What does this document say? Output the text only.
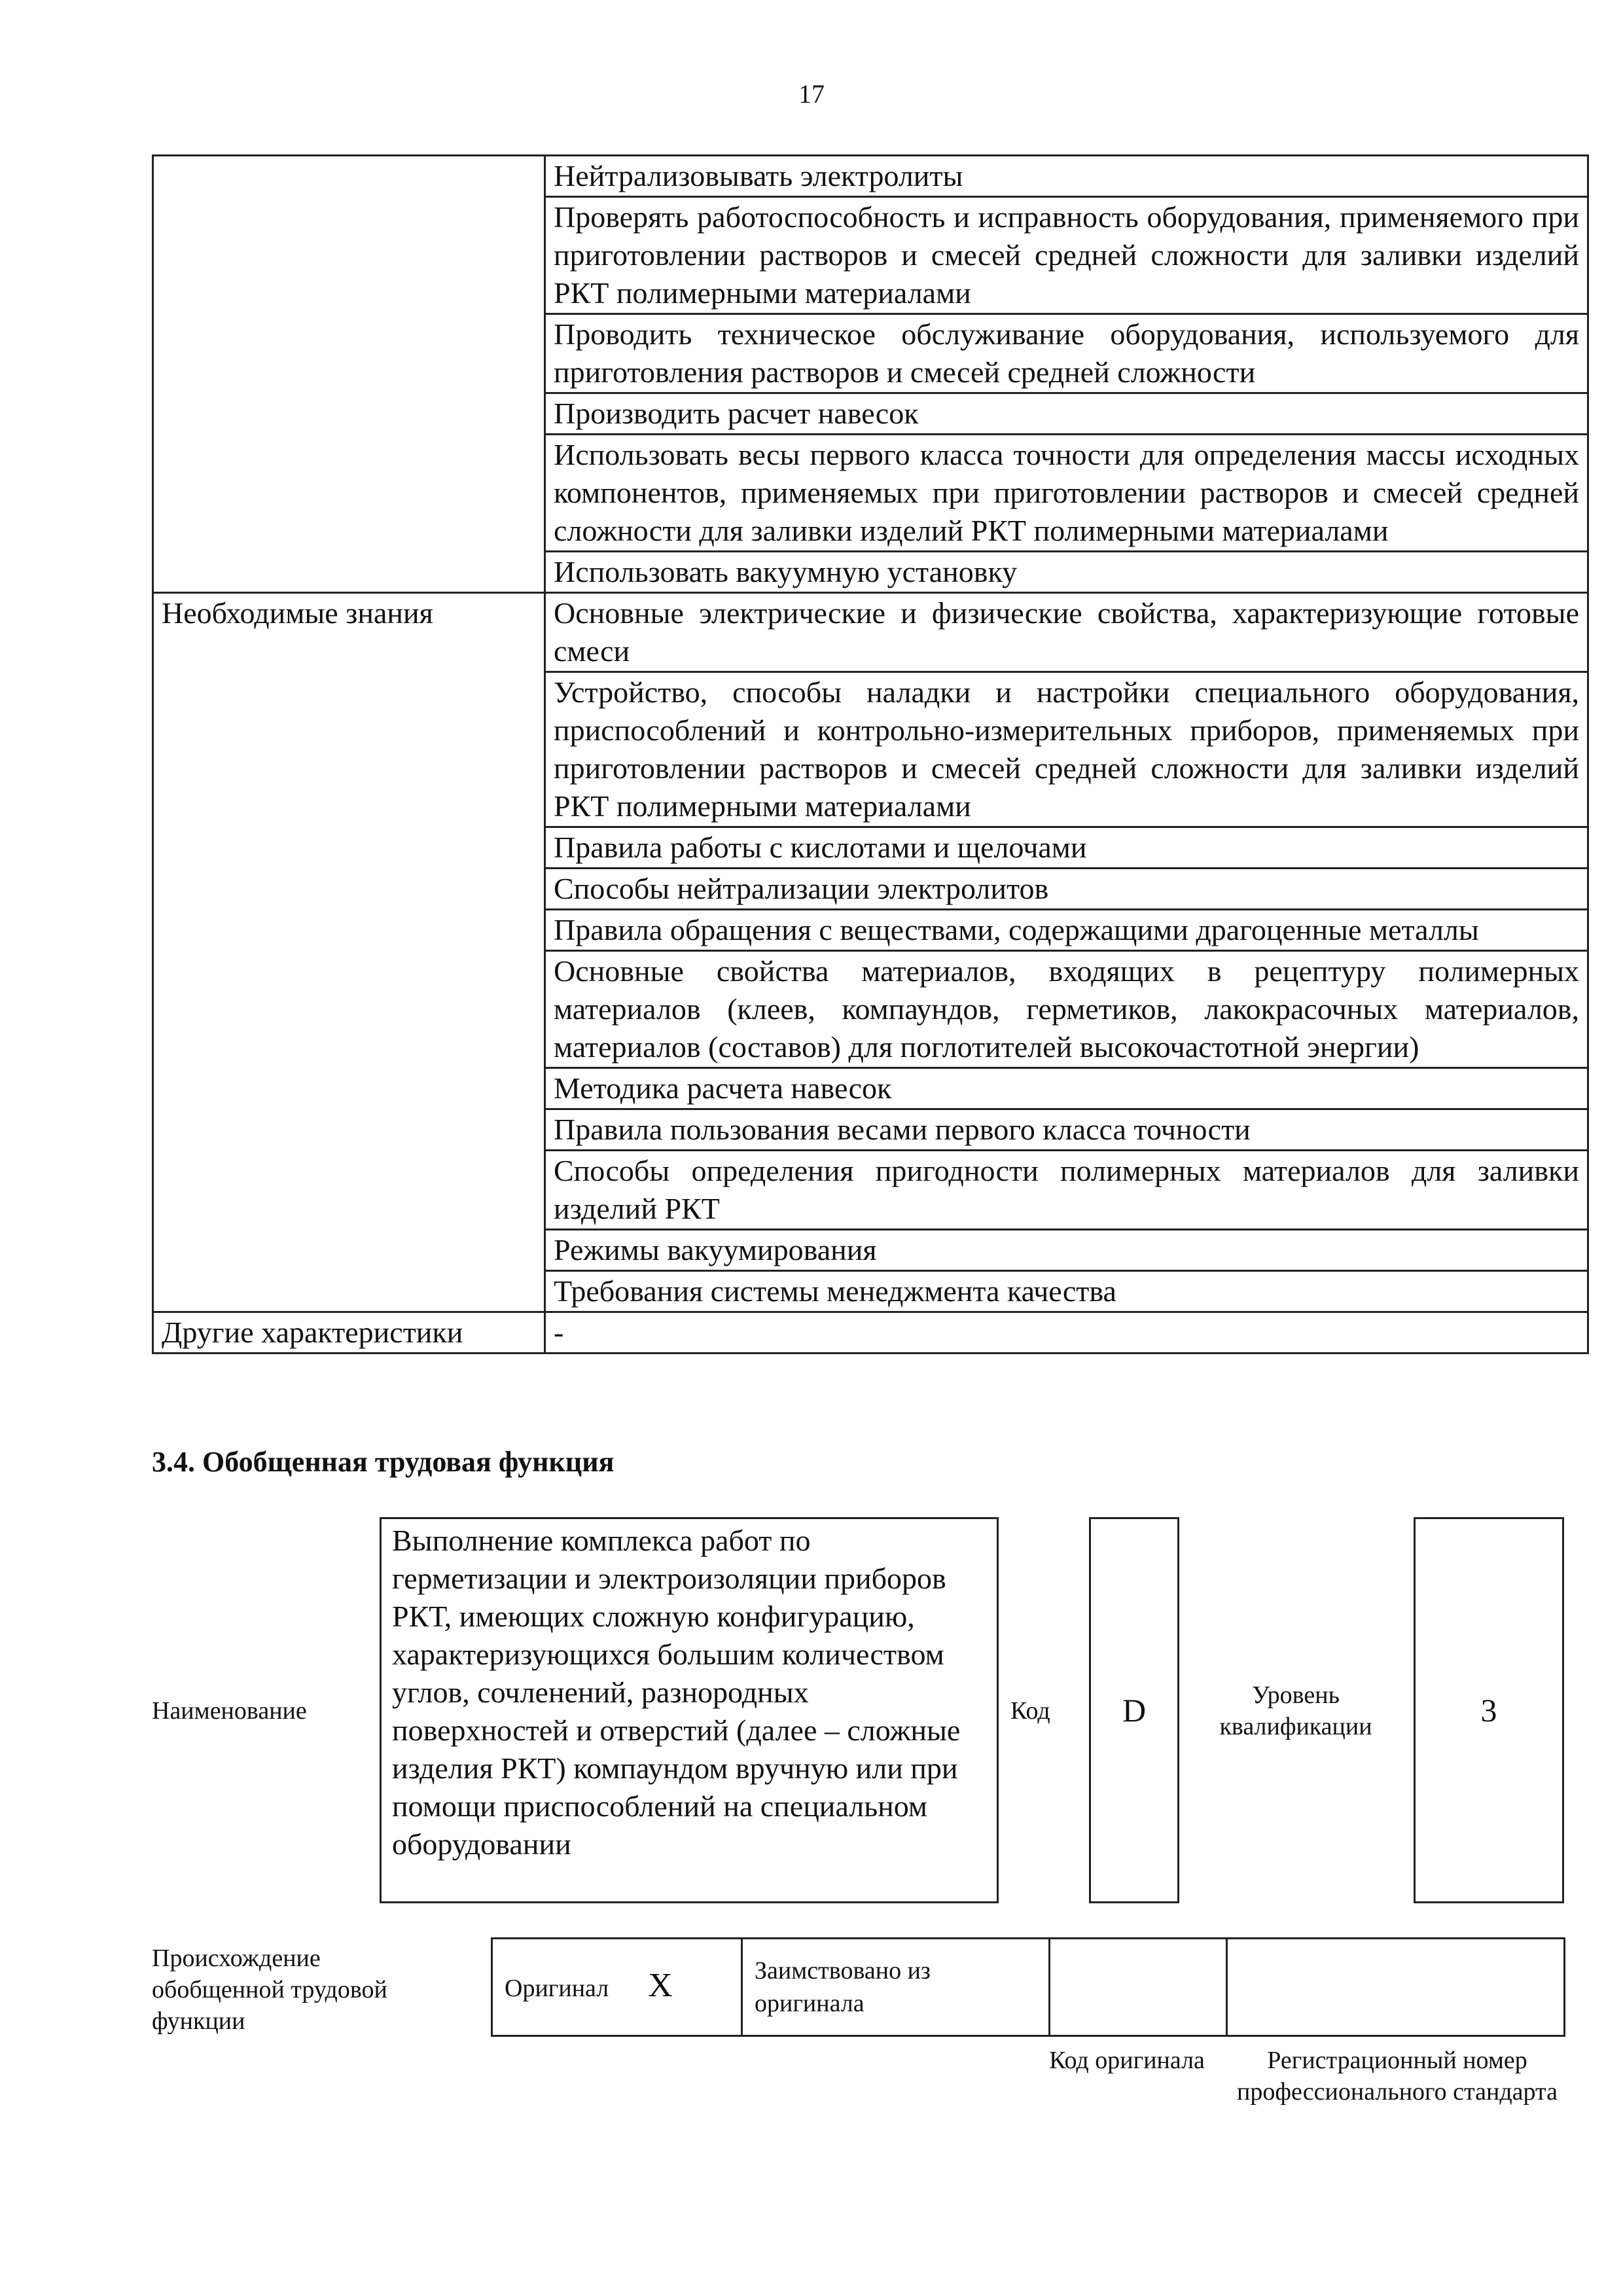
17
	Нейтрализовывать электролиты
	Проверять работоспособность и исправность оборудования, применяемого при приготовлении растворов и смесей средней сложности для заливки изделий РКТ полимерными материалами
	Проводить техническое обслуживание оборудования, используемого для приготовления растворов и смесей средней сложности
	Производить расчет навесок
	Использовать весы первого класса точности для определения массы исходных компонентов, применяемых при приготовлении растворов и смесей средней сложности для заливки изделий РКТ полимерными материалами
	Использовать вакуумную установку
Необходимые знания	Основные электрические и физические свойства, характеризующие готовые смеси
	Устройство, способы наладки и настройки специального оборудования, приспособлений и контрольно-измерительных приборов, применяемых при приготовлении растворов и смесей средней сложности для заливки изделий РКТ полимерными материалами
	Правила работы с кислотами и щелочами
	Способы нейтрализации электролитов
	Правила обращения с веществами, содержащими драгоценные металлы
	Основные свойства материалов, входящих в рецептуру полимерных материалов (клеев, компаундов, герметиков, лакокрасочных материалов, материалов (составов) для поглотителей высокочастотной энергии)
	Методика расчета навесок
	Правила пользования весами первого класса точности
	Способы определения пригодности полимерных материалов для заливки изделий РКТ
	Режимы вакуумирования
	Требования системы менеджмента качества
Другие характеристики	-
3.4. Обобщенная трудовая функция
Наименование
Выполнение комплекса работ по герметизации и электроизоляции приборов РКТ, имеющих сложную конфигурацию, характеризующихся большим количеством углов, сочленений, разнородных поверхностей и отверстий (далее – сложные изделия РКТ) компаундом вручную или при помощи приспособлений на специальном оборудовании
Код	D	Уровень квалификации	3
Происхождение обобщенной трудовой функции
Оригинал X	Заимствовано из оригинала		
Код оригинала	Регистрационный номер профессионального стандарта
